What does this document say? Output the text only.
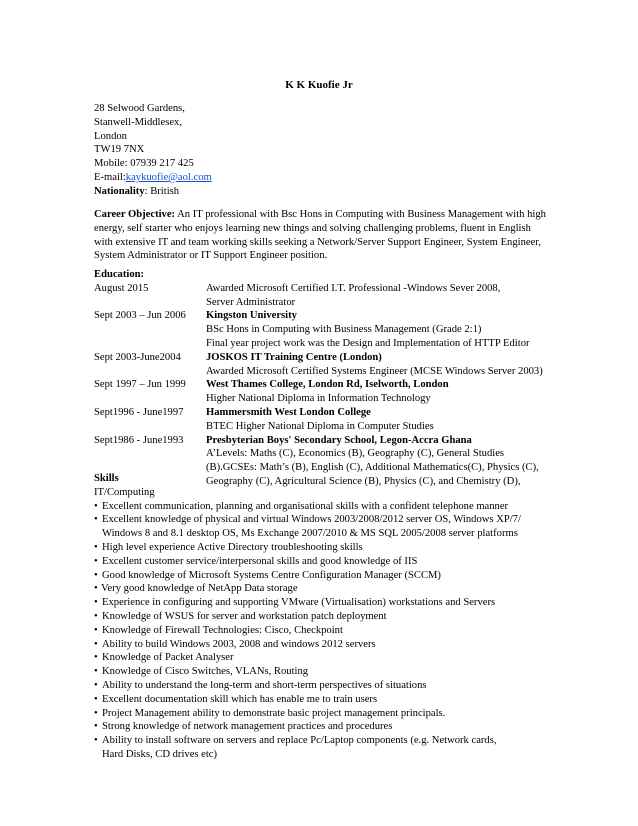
K K Kuofie Jr
28 Selwood Gardens,
Stanwell-Middlesex,
London
TW19 7NX
Mobile: 07939 217 425
E-mail:kaykuofie@aol.com
Nationality: British
Career Objective: An IT professional with Bsc Hons in Computing with Business Management with high
energy, self starter who enjoys learning new things and solving challenging problems, fluent in English
with extensive IT and team working skills seeking a Network/Server Support Engineer, System Engineer,
System Administrator or IT Support Engineer position.
Education:
August 2015	Awarded Microsoft Certified I.T. Professional -Windows Sever 2008,
Server Administrator
Sept 2003 – Jun 2006 Kingston University
BSc Hons in Computing with Business Management (Grade 2:1)
Final year project work was the Design and Implementation of HTTP Editor
Sept 2003-June2004 JOSKOS IT Training Centre (London)
Awarded Microsoft Certified Systems Engineer (MCSE Windows Server 2003)
Sept 1997 – Jun 1999 West Thames College, London Rd, Iselworth, London
Higher National Diploma in Information Technology
Sept1996 - June1997 Hammersmith West London College
BTEC Higher National Diploma in Computer Studies
Sept1986 - June1993 Presbyterian Boys' Secondary School, Legon-Accra Ghana
A’Levels: Maths (C), Economics (B), Geography (C), General Studies
(B).GCSEs: Math’s (B), English (C), Additional Mathematics(C), Physics (C),
Geography (C), Agricultural Science (B), Physics (C), and Chemistry (D),
Skills
IT/Computing
• Excellent communication, planning and organisational skills with a confident telephone manner
• Excellent knowledge of physical and virtual Windows 2003/2008/2012 server OS, Windows XP/7/
Windows 8 and 8.1 desktop OS, Ms Exchange 2007/2010 & MS SQL 2005/2008 server platforms
• High level experience Active Directory troubleshooting skills
• Excellent customer service/interpersonal skills and good knowledge of IIS
• Good knowledge of Microsoft Systems Centre Configuration Manager (SCCM)
• Very good knowledge of NetApp Data storage
• Experience in configuring and supporting VMware (Virtualisation) workstations and Servers
• Knowledge of WSUS for server and workstation patch deployment
• Knowledge of Firewall Technologies: Cisco, Checkpoint
• Ability to build Windows 2003, 2008 and windows 2012 servers
• Knowledge of Packet Analyser
• Knowledge of Cisco Switches, VLANs, Routing
• Ability to understand the long-term and short-term perspectives of situations
• Excellent documentation skill which has enable me to train users
• Project Management ability to demonstrate basic project management principals.
• Strong knowledge of network management practices and procedures
• Ability to install software on servers and replace Pc/Laptop components (e.g. Network cards,
Hard Disks, CD drives etc)
